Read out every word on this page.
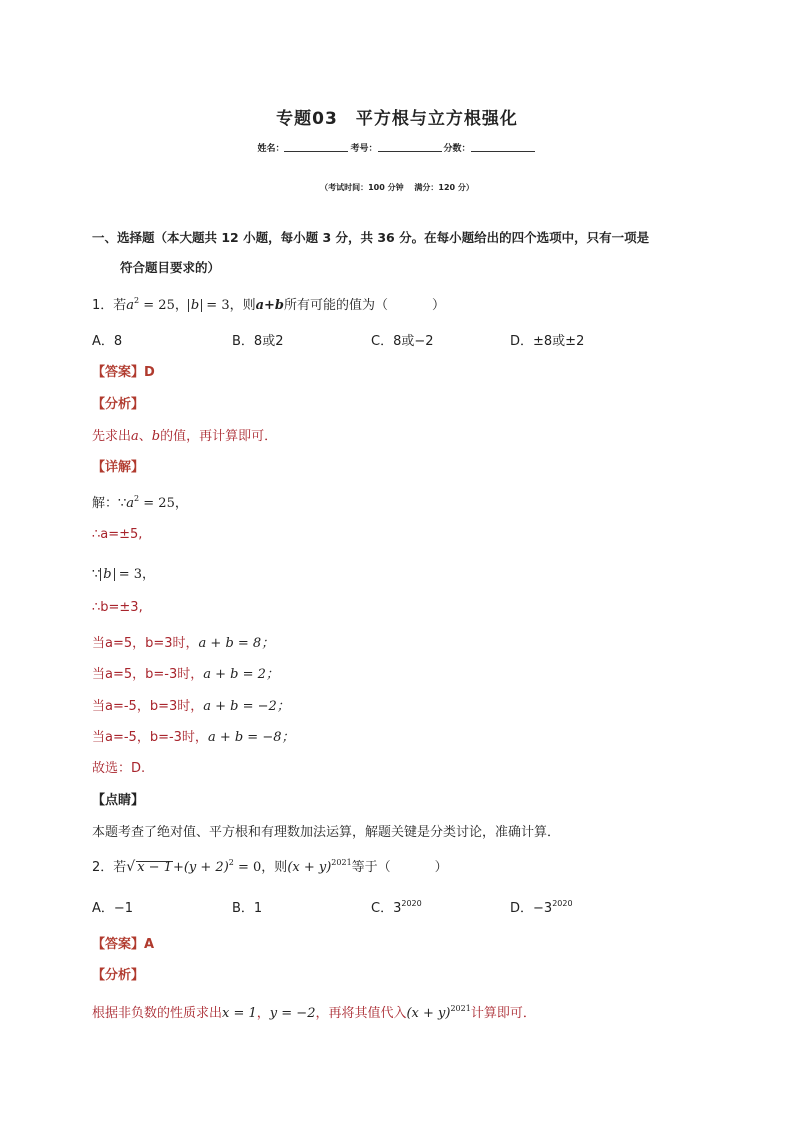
专题03　平方根与立方根强化
姓名：	考号：	分数：
（考试时间：100 分钟　 满分：120 分）
一、选择题（本大题共 12 小题，每小题 3 分，共 36 分。在每小题给出的四个选项中，只有一项是
符合题目要求的）
1．若$a^2 = 25$， b = 3，则a+b所有可能的值为（	）
A．8	B．8或2	C．8或−2	D．±8或±2
【答案】D
【分析】
先求出a、b的值，再计算即可．
【详解】
解：$\because a^2 = 25$，
∴a=±5,
∵ b = 3，
∴b=±3,
当a=5，b=3时，a + b = 8；
当a=5，b=-3时，a + b = 2；
当a=-5，b=3时，a + b = −2；
当a=-5，b=-3时，a + b = −8；
故选：D.
【点睛】
本题考查了绝对值、平方根和有理数加法运算，解题关键是分类讨论，准确计算．
2．若√ $x - 1+(y + 2)^2 = 0$，则$(x + y)^{2021}$等于（	）
A．−1	B．1	C．$3^{2020}$	D．$-3^{2020}$
【答案】A
【分析】
根据非负数的性质求出x = 1，y = −2，再将其值代入$(x + y)^{2021}$计算即可．
